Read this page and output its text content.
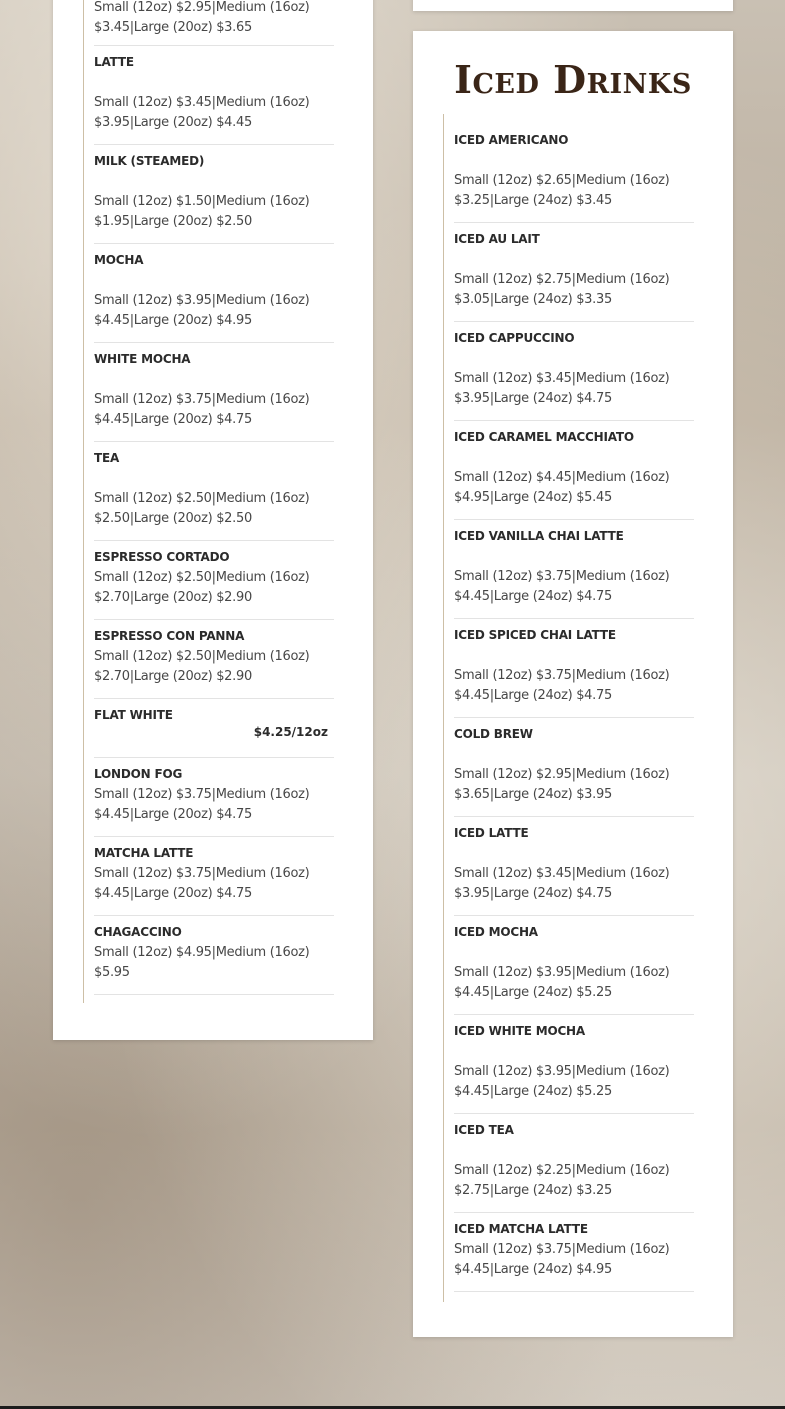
Small (12oz) $2.95|Medium (16oz)
$3.45|Large (20oz) $3.65
LATTE
Small (12oz) $3.45|Medium (16oz)
$3.95|Large (20oz) $4.45
MILK (STEAMED)
Small (12oz) $1.50|Medium (16oz)
$1.95|Large (20oz) $2.50
MOCHA
Small (12oz) $3.95|Medium (16oz)
$4.45|Large (20oz) $4.95
WHITE MOCHA
Small (12oz) $3.75|Medium (16oz)
$4.45|Large (20oz) $4.75
TEA
Small (12oz) $2.50|Medium (16oz)
$2.50|Large (20oz) $2.50
ESPRESSO CORTADO
Small (12oz) $2.50|Medium (16oz)
$2.70|Large (20oz) $2.90
ESPRESSO CON PANNA
Small (12oz) $2.50|Medium (16oz)
$2.70|Large (20oz) $2.90
FLAT WHITE
$4.25/12oz
LONDON FOG
Small (12oz) $3.75|Medium (16oz)
$4.45|Large (20oz) $4.75
MATCHA LATTE
Small (12oz) $3.75|Medium (16oz)
$4.45|Large (20oz) $4.75
CHAGACCINO
Small (12oz) $4.95|Medium (16oz)
$5.95
Iced Drinks
ICED AMERICANO
Small (12oz) $2.65|Medium (16oz)
$3.25|Large (24oz) $3.45
ICED AU LAIT
Small (12oz) $2.75|Medium (16oz)
$3.05|Large (24oz) $3.35
ICED CAPPUCCINO
Small (12oz) $3.45|Medium (16oz)
$3.95|Large (24oz) $4.75
ICED CARAMEL MACCHIATO
Small (12oz) $4.45|Medium (16oz)
$4.95|Large (24oz) $5.45
ICED VANILLA CHAI LATTE
Small (12oz) $3.75|Medium (16oz)
$4.45|Large (24oz) $4.75
ICED SPICED CHAI LATTE
Small (12oz) $3.75|Medium (16oz)
$4.45|Large (24oz) $4.75
COLD BREW
Small (12oz) $2.95|Medium (16oz)
$3.65|Large (24oz) $3.95
ICED LATTE
Small (12oz) $3.45|Medium (16oz)
$3.95|Large (24oz) $4.75
ICED MOCHA
Small (12oz) $3.95|Medium (16oz)
$4.45|Large (24oz) $5.25
ICED WHITE MOCHA
Small (12oz) $3.95|Medium (16oz)
$4.45|Large (24oz) $5.25
ICED TEA
Small (12oz) $2.25|Medium (16oz)
$2.75|Large (24oz) $3.25
ICED MATCHA LATTE
Small (12oz) $3.75|Medium (16oz)
$4.45|Large (24oz) $4.95
